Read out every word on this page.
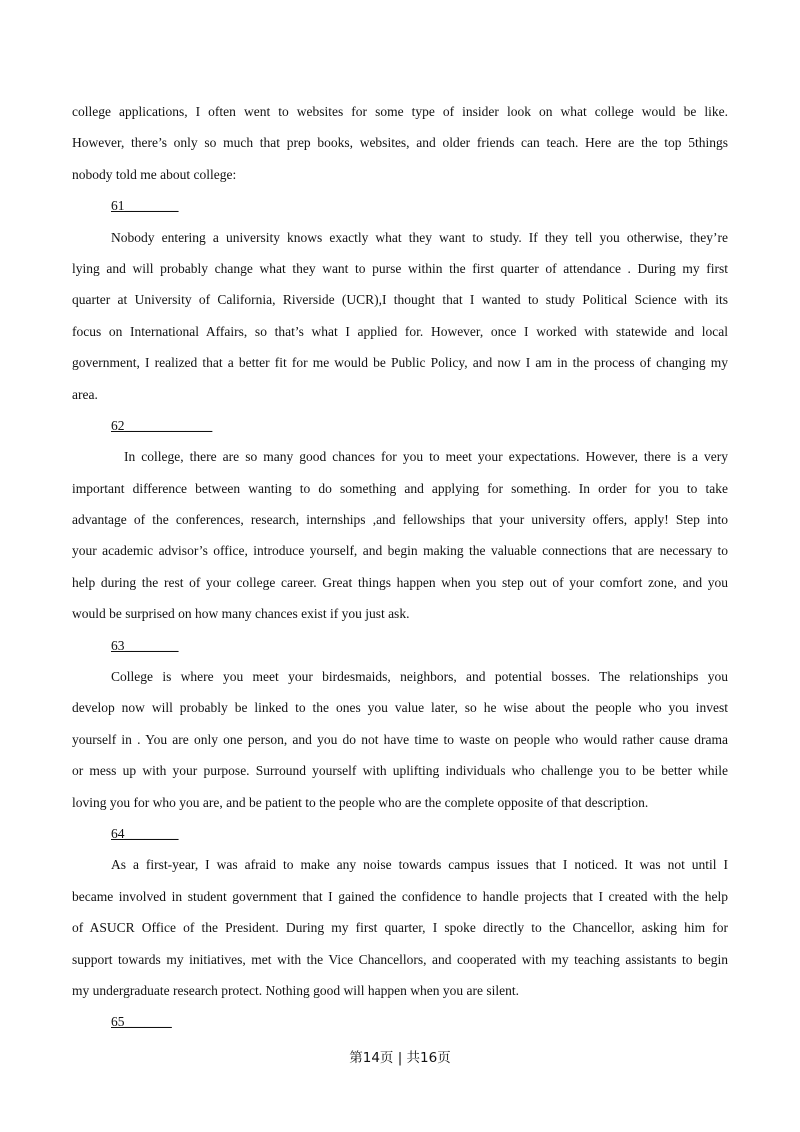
college applications, I often went to websites for some type of insider look on what college would be like.
However, there’s only so much that prep books, websites, and older friends can teach. Here are the top 5things
nobody told me about college:
61________
Nobody entering a university knows exactly what they want to study. If they tell you otherwise, they’re
lying and will probably change what they want to purse within the first quarter of attendance . During my first
quarter at University of California, Riverside (UCR),I thought that I wanted to study Political Science with its
focus on International Affairs, so that’s what I applied for. However, once I worked with statewide and local
government, I realized that a better fit for me would be Public Policy, and now I am in the process of changing my
area.
62_____________
In college, there are so many good chances for you to meet your expectations. However, there is a very
important difference between wanting to do something and applying for something. In order for you to take
advantage of the conferences, research, internships ,and fellowships that your university offers, apply! Step into
your academic advisor’s office, introduce yourself, and begin making the valuable connections that are necessary to
help during the rest of your college career. Great things happen when you step out of your comfort zone, and you
would be surprised on how many chances exist if you just ask.
63________
College is where you meet your birdesmaids, neighbors, and potential bosses. The relationships you
develop now will probably be linked to the ones you value later, so he wise about the people who you invest
yourself in . You are only one person, and you do not have time to waste on people who would rather cause drama
or mess up with your purpose. Surround yourself with uplifting individuals who challenge you to be better while
loving you for who you are, and be patient to the people who are the complete opposite of that description.
64________
As a first-year, I was afraid to make any noise towards campus issues that I noticed. It was not until I
became involved in student government that I gained the confidence to handle projects that I created with the help
of ASUCR Office of the President. During my first quarter, I spoke directly to the Chancellor, asking him for
support towards my initiatives, met with the Vice Chancellors, and cooperated with my teaching assistants to begin
my undergraduate research protect. Nothing good will happen when you are silent.
65_______
第14页 | 共16页
